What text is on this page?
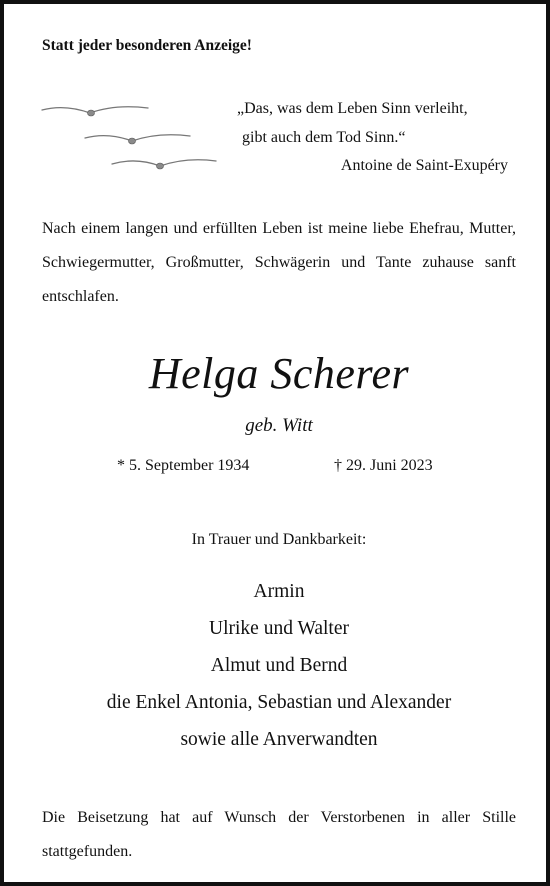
Statt jeder besonderen Anzeige!
„Das, was dem Leben Sinn verleiht,
gibt auch dem Tod Sinn.“
Antoine de Saint-Exupéry
Nach einem langen und erfüllten Leben ist meine liebe Ehefrau, Mutter, Schwiegermutter, Großmutter, Schwägerin und Tante zuhause sanft entschlafen.
Helga Scherer
geb. Witt
* 5. September 1934	† 29. Juni 2023
In Trauer und Dankbarkeit:
Armin
Ulrike und Walter
Almut und Bernd
die Enkel Antonia, Sebastian und Alexander
sowie alle Anverwandten
Die Beisetzung hat auf Wunsch der Verstorbenen in aller Stille stattgefunden.
